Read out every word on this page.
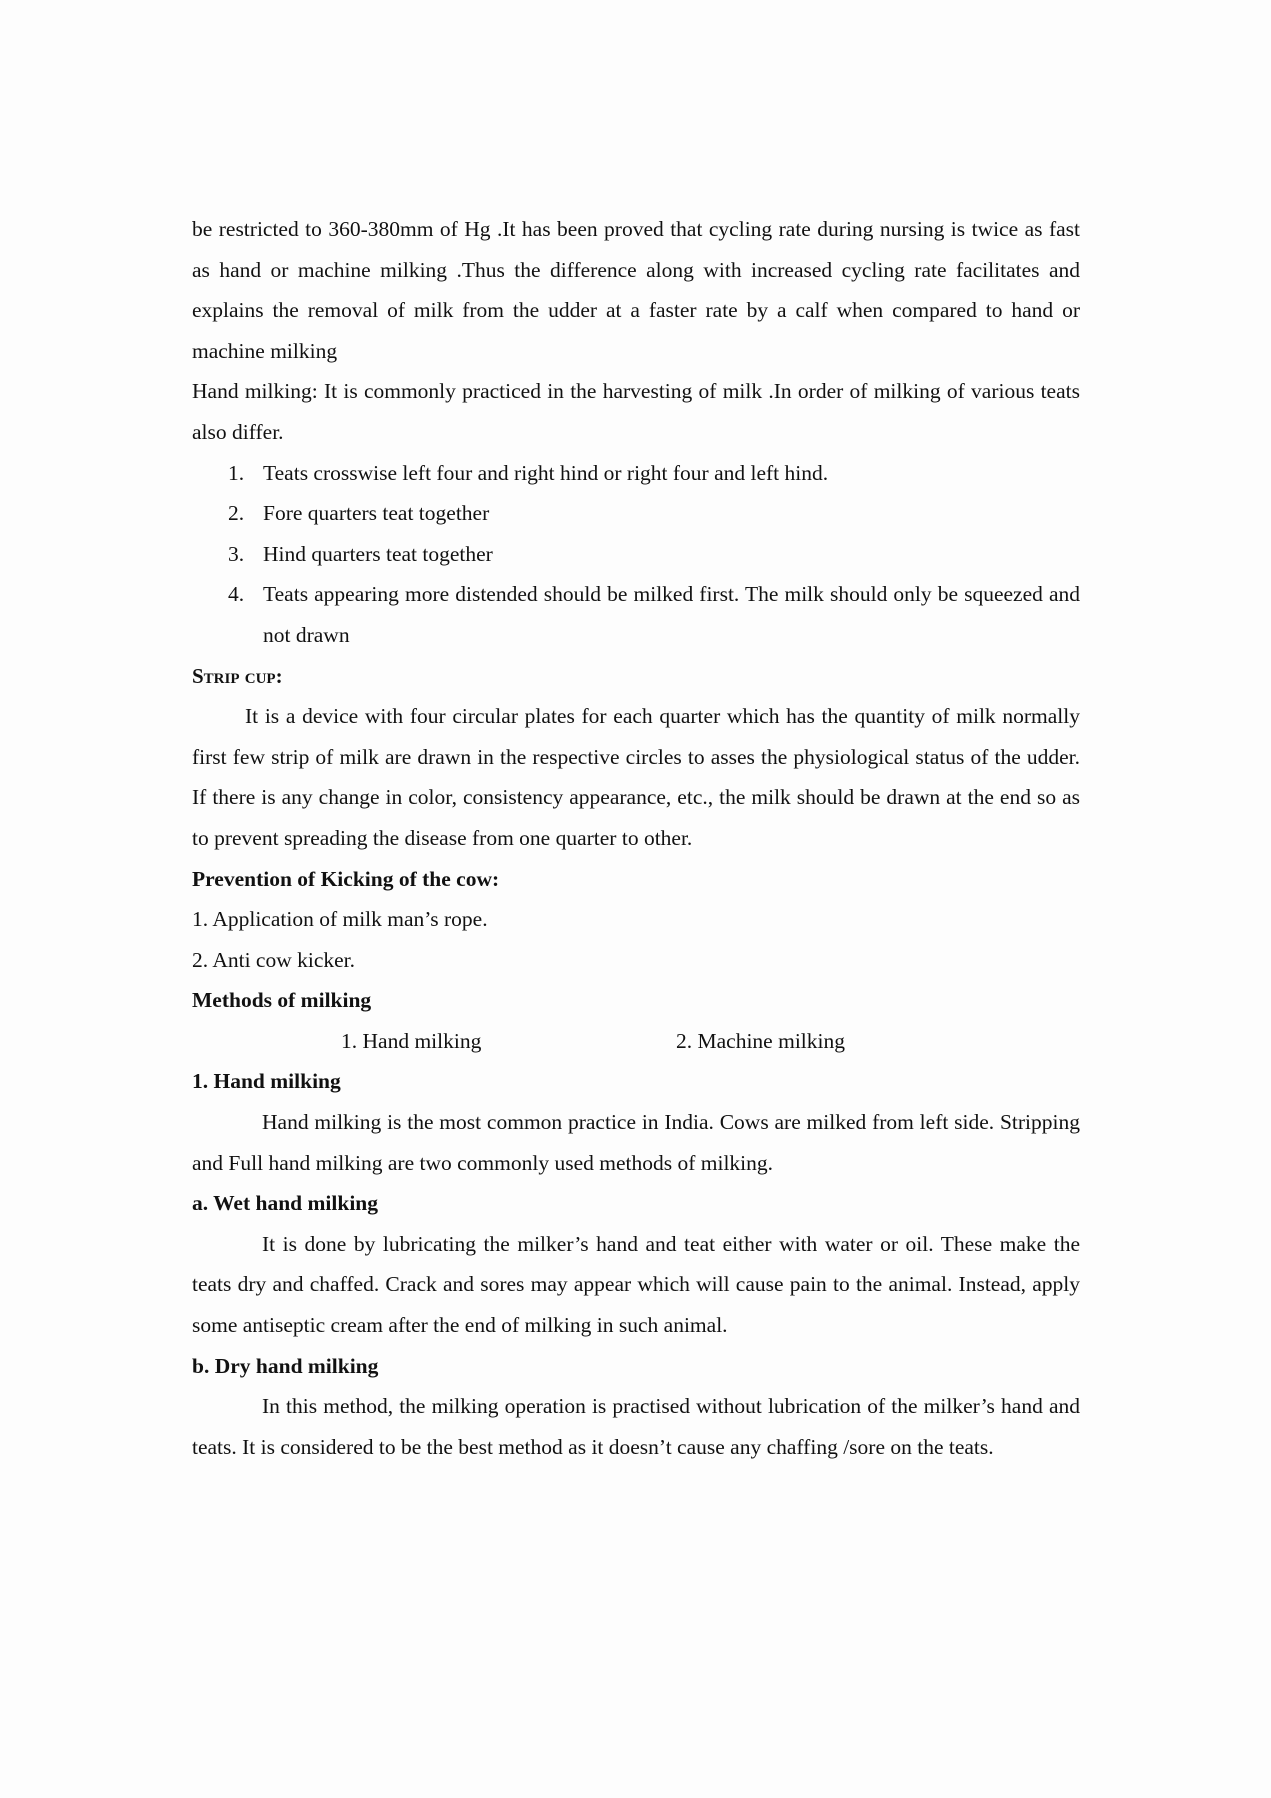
be restricted to 360-380mm of Hg .It has been proved that cycling rate during nursing is twice as fast as hand or machine milking .Thus the difference along with increased cycling rate facilitates and explains the removal of milk from the udder at a faster rate by a calf when compared to hand or machine milking

Hand milking: It is commonly practiced in the harvesting of milk .In order of milking of various teats also differ.

1. Teats crosswise left four and right hind or right four and left hind.
2. Fore quarters teat together
3. Hind quarters teat together
4. Teats appearing more distended should be milked first. The milk should only be squeezed and not drawn

Strip cup:

It is a device with four circular plates for each quarter which has the quantity of milk normally first few strip of milk are drawn in the respective circles to asses the physiological status of the udder. If there is any change in color, consistency appearance, etc., the milk should be drawn at the end so as to prevent spreading the disease from one quarter to other.

Prevention of Kicking of the cow:

1. Application of milk man’s rope.

2. Anti cow kicker.

Methods of milking

1. Hand milking	2. Machine milking

1. Hand milking

Hand milking is the most common practice in India. Cows are milked from left side. Stripping and Full hand milking are two commonly used methods of milking.

a. Wet hand milking

It is done by lubricating the milker’s hand and teat either with water or oil. These make the teats dry and chaffed. Crack and sores may appear which will cause pain to the animal. Instead, apply some antiseptic cream after the end of milking in such animal.

b. Dry hand milking

In this method, the milking operation is practised without lubrication of the milker’s hand and teats. It is considered to be the best method as it doesn’t cause any chaffing /sore on the teats.
